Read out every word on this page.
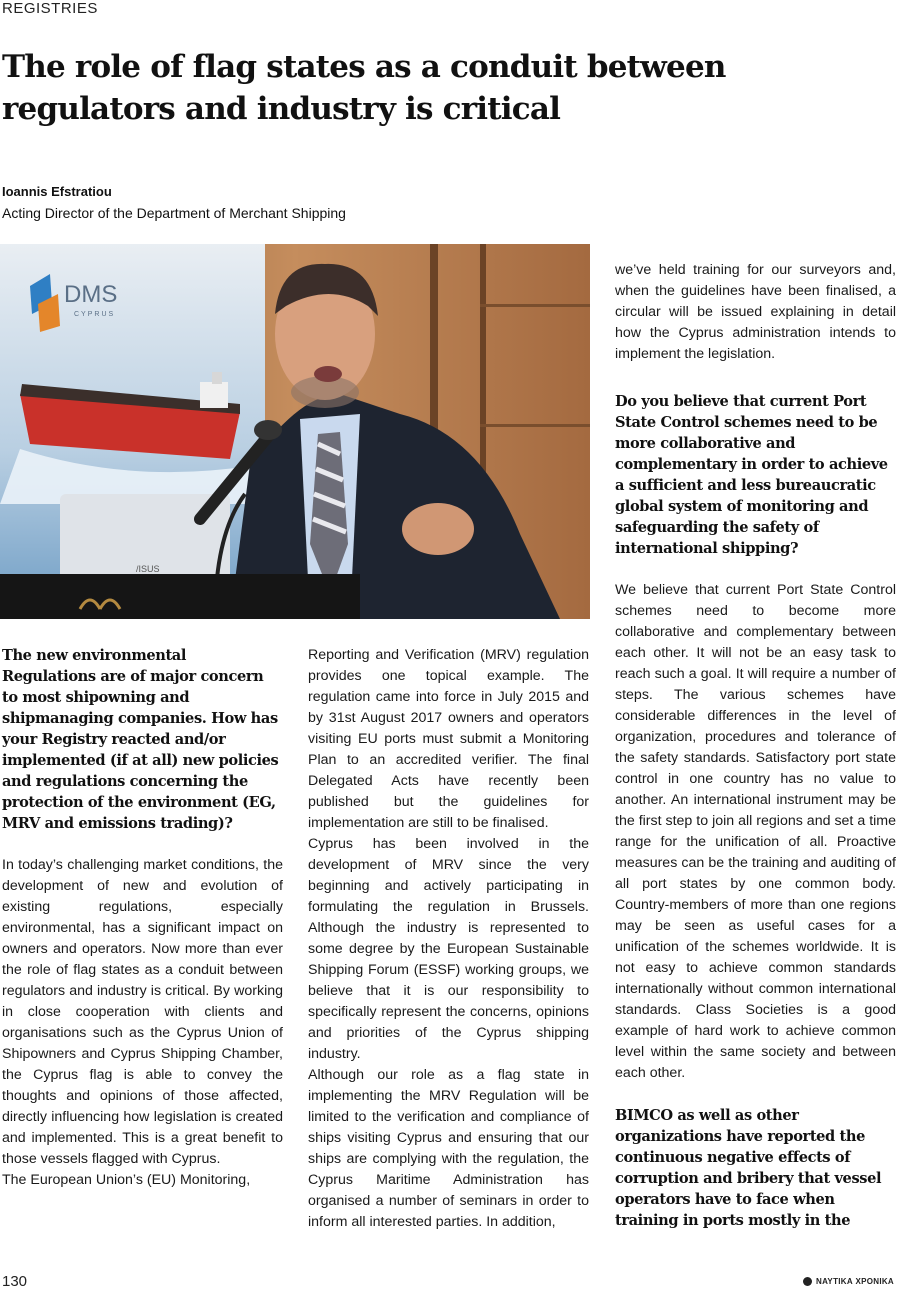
REGISTRIES
The role of flag states as a conduit between regulators and industry is critical
Ioannis Efstratiou
Acting Director of the Department of Merchant Shipping
DMS
CYPRUS
/ISUS

The new environmental Regulations are of major concern to most shipowning and shipmanaging companies. How has your Registry reacted and/or implemented (if at all) new policies and regulations concerning the protection of the environment (EG, MRV and emissions trading)?

In today’s challenging market conditions, the development of new and evolution of existing regulations, especially environmental, has a significant impact on owners and operators. Now more than ever the role of flag states as a conduit between regulators and industry is critical. By working in close cooperation with clients and organisations such as the Cyprus Union of Shipowners and Cyprus Shipping Chamber, the Cyprus flag is able to convey the thoughts and opinions of those affected, directly influencing how legislation is created and implemented. This is a great benefit to those vessels flagged with Cyprus.

The European Union’s (EU) Monitoring,

Reporting and Verification (MRV) regulation provides one topical example. The regulation came into force in July 2015 and by 31st August 2017 owners and operators visiting EU ports must submit a Monitoring Plan to an accredited verifier. The final Delegated Acts have recently been published but the guidelines for implementation are still to be finalised.

Cyprus has been involved in the development of MRV since the very beginning and actively participating in formulating the regulation in Brussels. Although the industry is represented to some degree by the European Sustainable Shipping Forum (ESSF) working groups, we believe that it is our responsibility to specifically represent the concerns, opinions and priorities of the Cyprus shipping industry.

Although our role as a flag state in implementing the MRV Regulation will be limited to the verification and compliance of ships visiting Cyprus and ensuring that our ships are complying with the regulation, the Cyprus Maritime Administration has organised a number of seminars in order to inform all interested parties. In addition,

we’ve held training for our surveyors and, when the guidelines have been finalised, a circular will be issued explaining in detail how the Cyprus administration intends to implement the legislation.

Do you believe that current Port State Control schemes need to be more collaborative and complementary in order to achieve a sufficient and less bureaucratic global system of monitoring and safeguarding the safety of international shipping?

We believe that current Port State Control schemes need to become more collaborative and complementary between each other. It will not be an easy task to reach such a goal. It will require a number of steps. The various schemes have considerable differences in the level of organization, procedures and tolerance of the safety standards. Satisfactory port state control in one country has no value to another. An international instrument may be the first step to join all regions and set a time range for the unification of all. Proactive measures can be the training and auditing of all port states by one common body. Country-members of more than one regions may be seen as useful cases for a unification of the schemes worldwide. It is not easy to achieve common standards internationally without common international standards. Class Societies is a good example of hard work to achieve common level within the same society and between each other.

BIMCO as well as other organizations have reported the continuous negative effects of corruption and bribery that vessel operators have to face when training in ports mostly in the

130	ΝΑΥΤΙΚΑ ΧΡΟΝΙΚΑ
